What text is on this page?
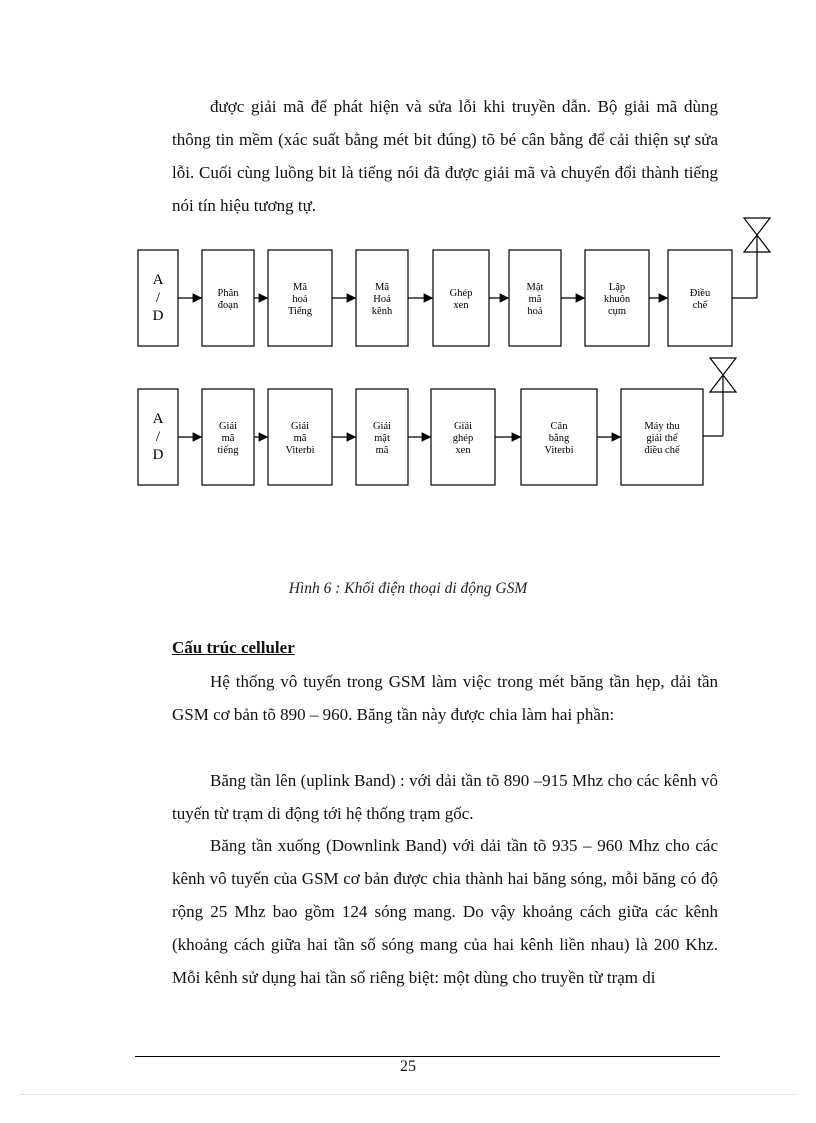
được giải mã để phát hiện và sửa lỗi khi truyền dẫn. Bộ giải mã dùng thông tin mềm (xác suất bằng mét bit đúng) tõ bé cân bằng để cải thiện sự sửa lỗi. Cuối cùng luồng bit là tiếng nói đã được giải mã và chuyển đổi thành tiếng nói tín hiệu tương tự.
A
/
D
Phân
đoạn
Mã
hoá
Tiếng
Mã
Hoá
kênh
Ghép
xen
Mật
mã
hoá
Lập
khuôn
cụm
Điều
chế
A
/
D
Giải
mã
tiếng
Giải
mã
Viterbi
Giải
mật
mã
Giải
ghép
xen
Cân
bằng
Viterbi
Máy thu
giải thể
điều chế
Hình 6 : Khối điện thoại di động GSM
Cấu trúc celluler

Hệ thống vô tuyến trong GSM làm việc trong mét băng tần hẹp, dải tần GSM cơ bản tõ 890 – 960. Băng tần này được chia làm hai phần:

Băng tần lên (uplink Band) : với dải tần tõ 890 –915 Mhz cho các kênh vô tuyến từ trạm di động tới hệ thống trạm gốc.

Băng tần xuống (Downlink Band) với dải tần tõ 935 – 960 Mhz cho các kênh vô tuyến của GSM cơ bản được chia thành hai băng sóng, mỗi băng có độ rộng 25 Mhz bao gồm 124 sóng mang. Do vậy khoảng cách giữa các kênh (khoảng cách giữa hai tần số sóng mang của hai kênh liền nhau) là 200 Khz. Mỗi kênh sử dụng hai tần số riêng biệt: một dùng cho truyền từ trạm di

25
